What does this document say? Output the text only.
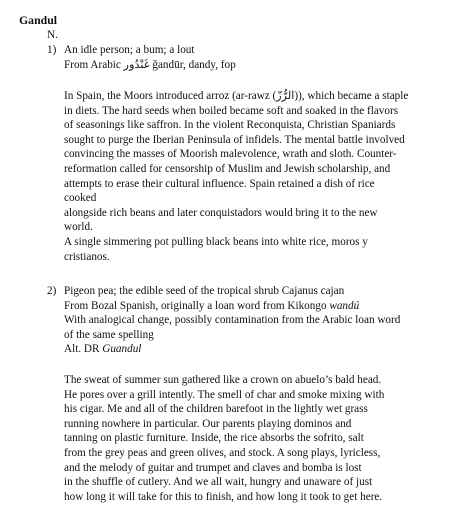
Gandul
N.
1) An idle person; a bum; a lout
From Arabic غَنْدُور ğandūr, dandy, fop
In Spain, the Moors introduced arroz (ar-rawz (الرُّزّ)), which became a staple
in diets. The hard seeds when boiled became soft and soaked in the flavors
of seasonings like saffron. In the violent Reconquista, Christian Spaniards
sought to purge the Iberian Peninsula of infidels. The mental battle involved
convincing the masses of Moorish malevolence, wrath and sloth. Counter-
reformation called for censorship of Muslim and Jewish scholarship, and
attempts to erase their cultural influence. Spain retained a dish of rice
cooked
alongside rich beans and later conquistadors would bring it to the new
world.
A single simmering pot pulling black beans into white rice, moros y
cristianos.
2) Pigeon pea; the edible seed of the tropical shrub Cajanus cajan
From Bozal Spanish, originally a loan word from Kikongo wandú
With analogical change, possibly contamination from the Arabic loan word
of the same spelling
Alt. DR Guandul
The sweat of summer sun gathered like a crown on abuelo’s bald head.
He pores over a grill intently. The smell of char and smoke mixing with
his cigar. Me and all of the children barefoot in the lightly wet grass
running nowhere in particular. Our parents playing dominos and
tanning on plastic furniture. Inside, the rice absorbs the sofrito, salt
from the grey peas and green olives, and stock. A song plays, lyricless,
and the melody of guitar and trumpet and claves and bomba is lost
in the shuffle of cutlery. And we all wait, hungry and unaware of just
how long it will take for this to finish, and how long it took to get here.
